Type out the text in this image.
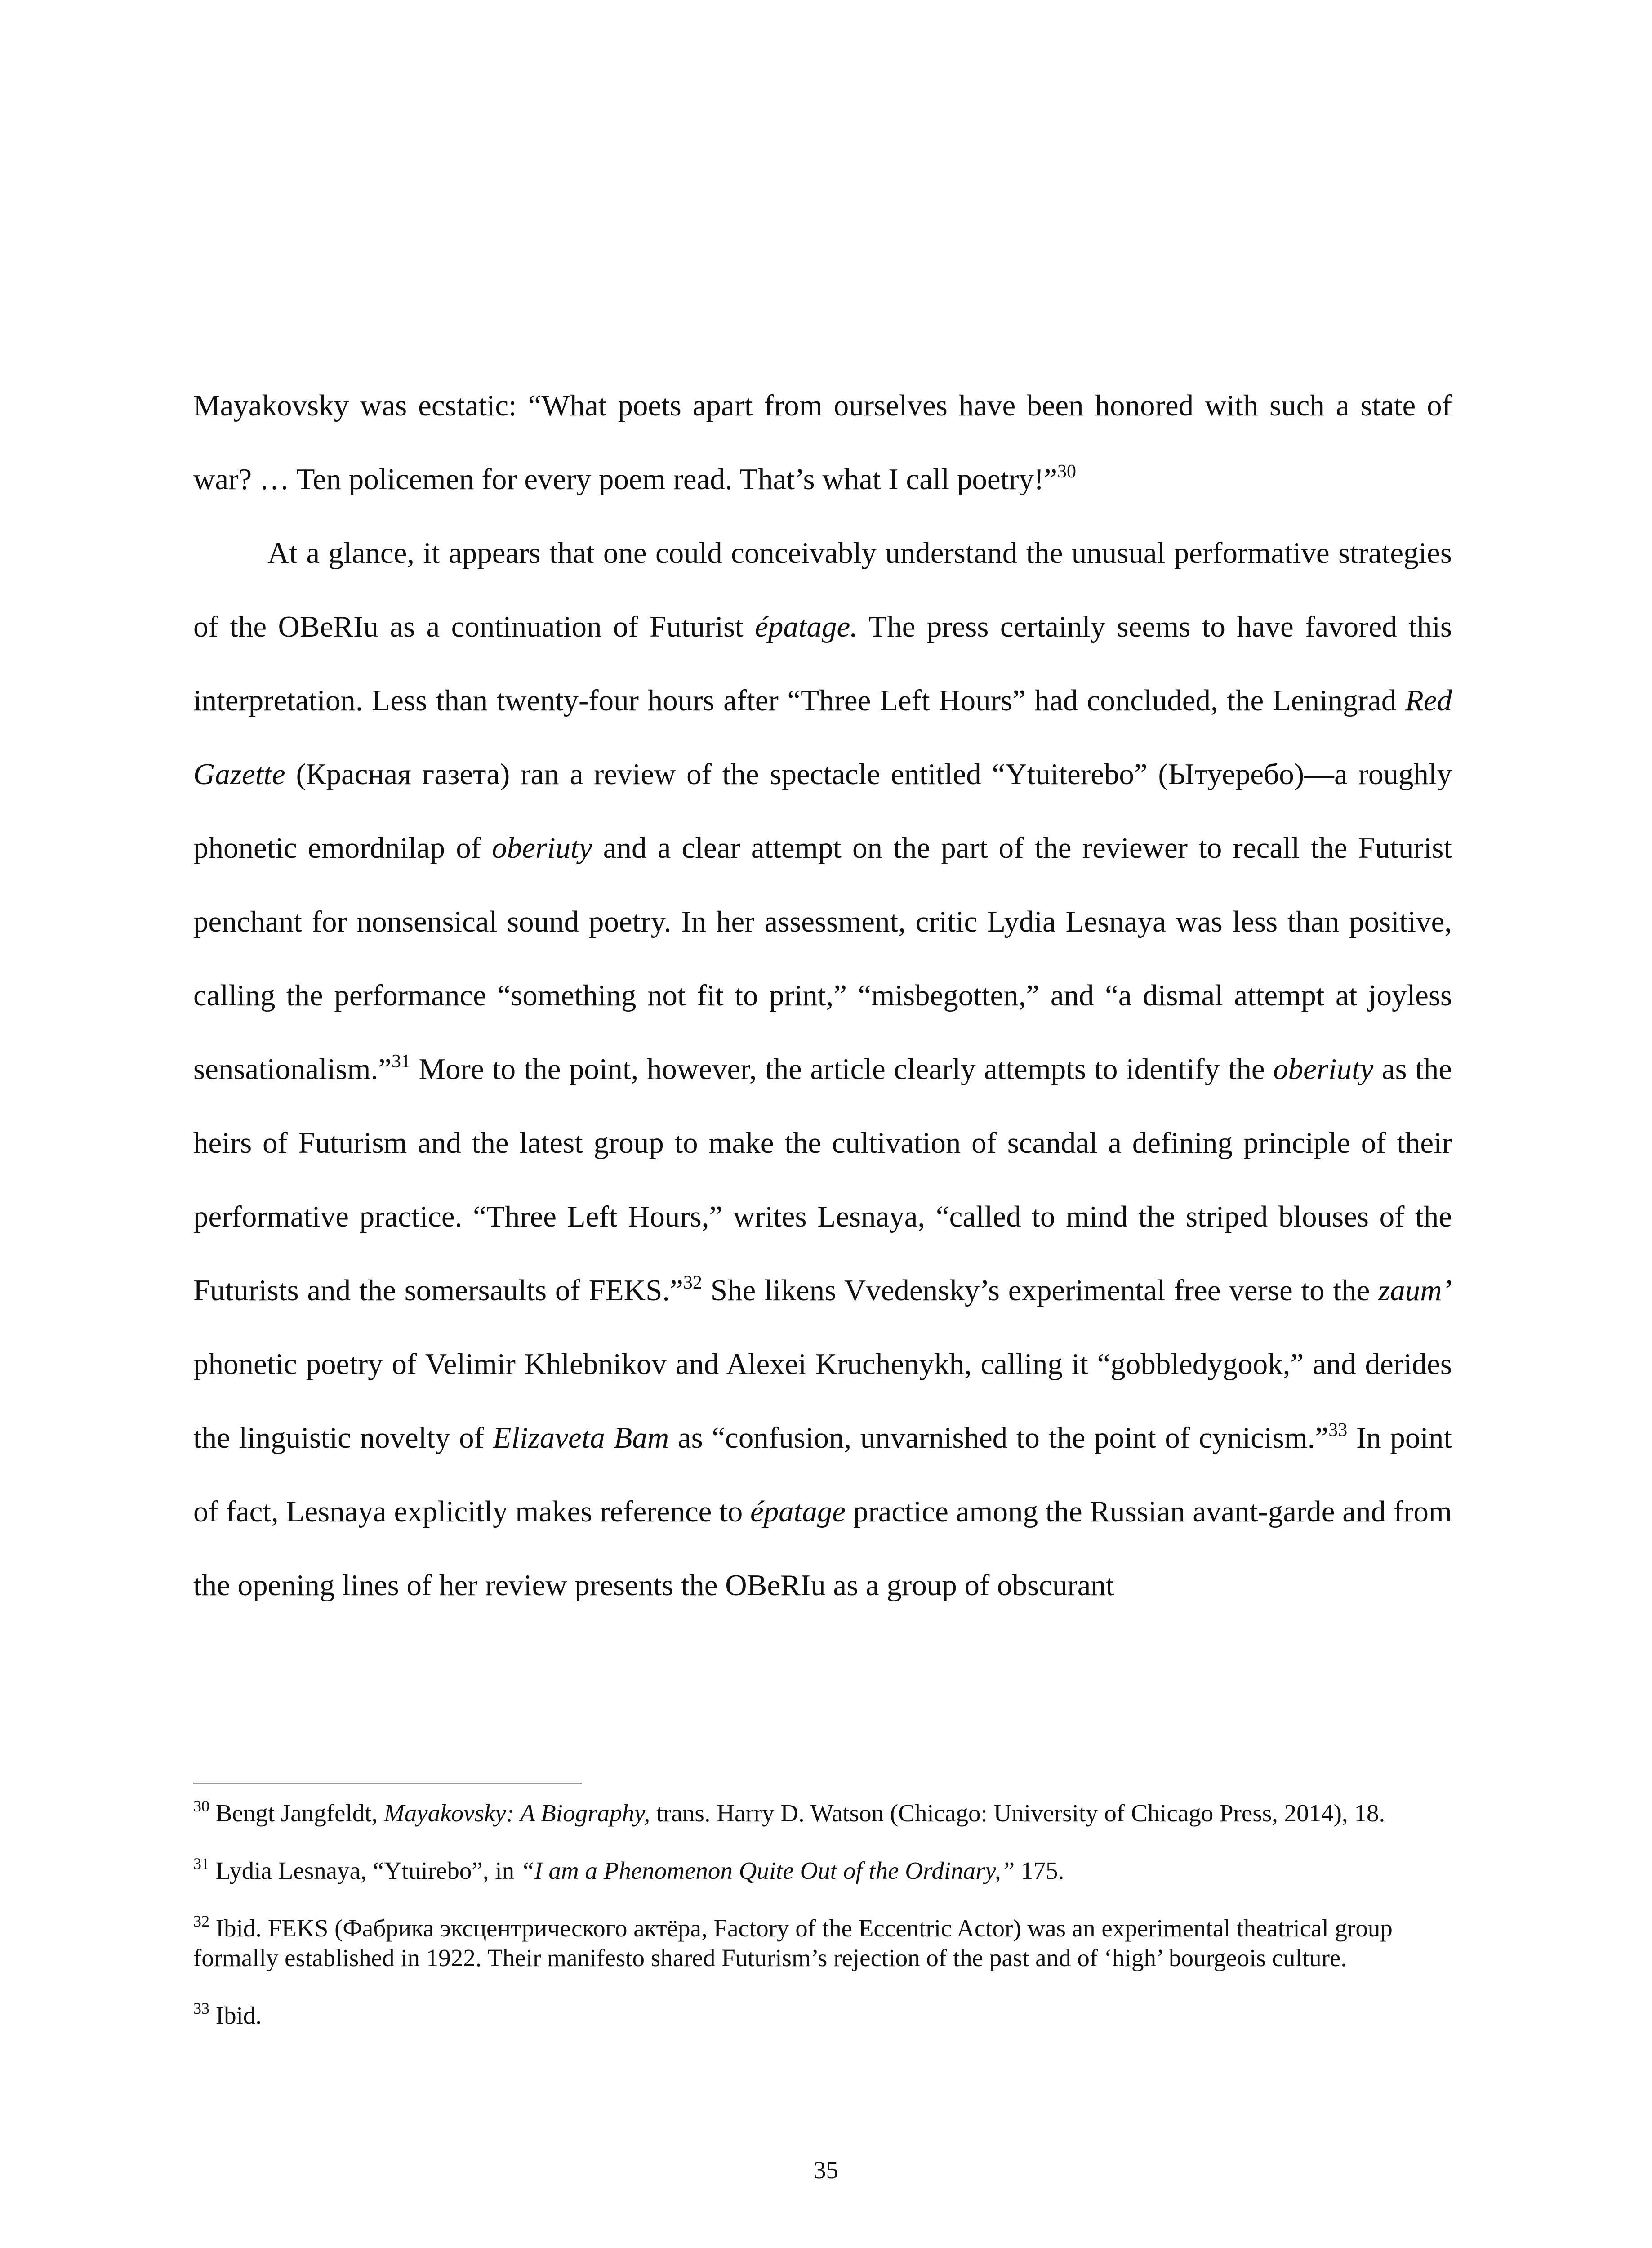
Mayakovsky was ecstatic: “What poets apart from ourselves have been honored with such a state of war? … Ten policemen for every poem read. That’s what I call poetry!”$^{30}$

At a glance, it appears that one could conceivably understand the unusual performative strategies of the OBeRIu as a continuation of Futurist épatage. The press certainly seems to have favored this interpretation. Less than twenty-four hours after “Three Left Hours” had concluded, the Leningrad Red Gazette (Красная газета) ran a review of the spectacle entitled “Ytuiterebo” (Ытуеребо)—a roughly phonetic emordnilap of oberiuty and a clear attempt on the part of the reviewer to recall the Futurist penchant for nonsensical sound poetry. In her assessment, critic Lydia Lesnaya was less than positive, calling the performance “something not fit to print,” “misbegotten,” and “a dismal attempt at joyless sensationalism.”$^{31}$ More to the point, however, the article clearly attempts to identify the oberiuty as the heirs of Futurism and the latest group to make the cultivation of scandal a defining principle of their performative practice. “Three Left Hours,” writes Lesnaya, “called to mind the striped blouses of the Futurists and the somersaults of FEKS.”$^{32}$ She likens Vvedensky’s experimental free verse to the zaum’ phonetic poetry of Velimir Khlebnikov and Alexei Kruchenykh, calling it “gobbledygook,” and derides the linguistic novelty of Elizaveta Bam as “confusion, unvarnished to the point of cynicism.”$^{33}$ In point of fact, Lesnaya explicitly makes reference to épatage practice among the Russian avant-garde and from the opening lines of her review presents the OBeRIu as a group of obscurant

$^{30}$ Bengt Jangfeldt, Mayakovsky: A Biography, trans. Harry D. Watson (Chicago: University of Chicago Press, 2014), 18.

$^{31}$ Lydia Lesnaya, “Ytuirebo”, in “I am a Phenomenon Quite Out of the Ordinary,” 175.

$^{32}$ Ibid. FEKS (Фабрика эксцентрического актёра, Factory of the Eccentric Actor) was an experimental theatrical group formally established in 1922. Their manifesto shared Futurism’s rejection of the past and of ‘high’ bourgeois culture.

$^{33}$ Ibid.

35
